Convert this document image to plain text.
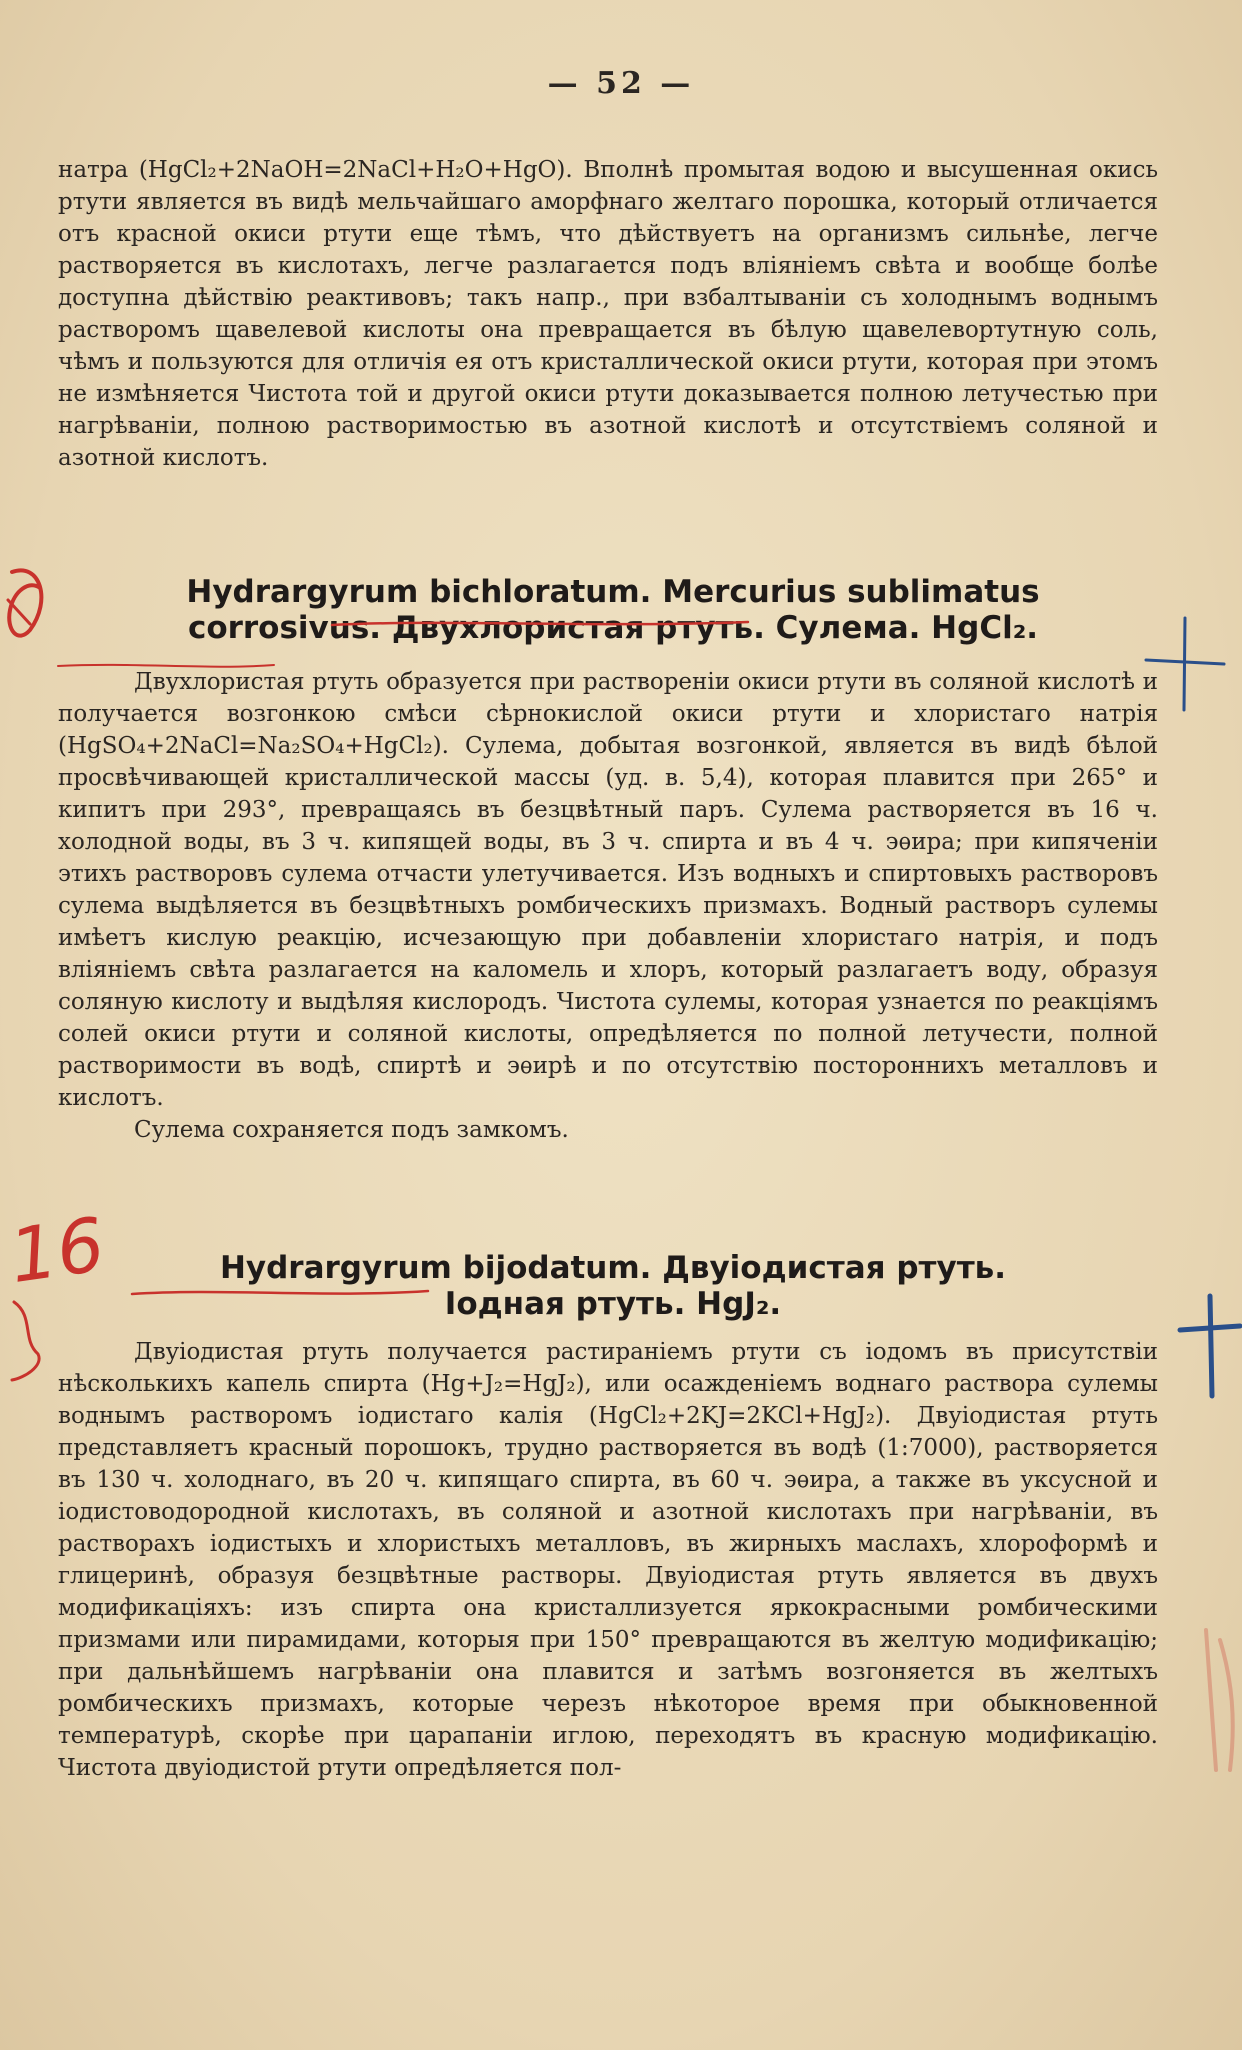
— 52 —

натра (HgCl₂+2NaOH=2NaCl+H₂O+HgO). Вполнѣ промытая водою и высушенная окись ртути является въ видѣ мельчайшаго аморфнаго желтаго порошка, который отличается отъ красной окиси ртути еще тѣмъ, что дѣйствуетъ на организмъ сильнѣе, легче растворяется въ кислотахъ, легче разлагается подъ вліяніемъ свѣта и вообще болѣе доступна дѣйствію реактивовъ; такъ напр., при взбалтываніи съ холоднымъ воднымъ растворомъ щавелевой кислоты она превращается въ бѣлую щавелевортутную соль, чѣмъ и пользуются для отличія ея отъ кристаллической окиси ртути, которая при этомъ не измѣняется Чистота той и другой окиси ртути доказывается полною летучестью при нагрѣваніи, полною растворимостью въ азотной кислотѣ и отсутствіемъ соляной и азотной кислотъ.

Hydrargyrum bichloratum. Mercurius sublimatus
corrosivus. Двухлористая ртуть. Сулема. HgCl₂.

Двухлористая ртуть образуется при растворенiи окиси ртути въ соляной кислотѣ и получается возгонкою смѣси сѣрнокислой окиси ртути и хлористаго натрія (HgSO₄+2NaCl=Na₂SO₄+HgCl₂). Сулема, добытая возгонкой, является въ видѣ бѣлой просвѣчивающей кристаллической массы (уд. в. 5,4), которая плавится при 265° и кипитъ при 293°, превращаясь въ безцвѣтный паръ. Сулема растворяется въ 16 ч. холодной воды, въ 3 ч. кипящей воды, въ 3 ч. спирта и въ 4 ч. эѳира; при кипяченіи этихъ растворовъ сулема отчасти улетучивается. Изъ водныхъ и спиртовыхъ растворовъ сулема выдѣляется въ безцвѣтныхъ ромбическихъ призмахъ. Водный растворъ сулемы имѣетъ кислую реакцію, исчезающую при добавленіи хлористаго натрія, и подъ вліяніемъ свѣта разлагается на каломель и хлоръ, который разлагаетъ воду, образуя соляную кислоту и выдѣляя кислородъ. Чистота сулемы, которая узнается по реакціямъ солей окиси ртути и соляной кислоты, опредѣляется по полной летучести, полной растворимости въ водѣ, спиртѣ и эѳирѣ и по отсутствію постороннихъ металловъ и кислотъ.

Сулема сохраняется подъ замкомъ.

Hydrargyrum bijodatum. Двуіодистая ртуть.
Іодная ртуть. HgJ₂.

Двуіодистая ртуть получается растираніемъ ртути съ іодомъ въ присутствіи нѣсколькихъ капель спирта (Hg+J₂=HgJ₂), или осажденіемъ воднаго раствора сулемы воднымъ растворомъ іодистаго калія (HgCl₂+2KJ=2KCl+HgJ₂). Двуіодистая ртуть представляетъ красный порошокъ, трудно растворяется въ водѣ (1:7000), растворяется въ 130 ч. холоднаго, въ 20 ч. кипящаго спирта, въ 60 ч. эѳира, а также въ уксусной и іодистоводородной кислотахъ, въ соляной и азотной кислотахъ при нагрѣваніи, въ растворахъ іодистыхъ и хлористыхъ металловъ, въ жирныхъ маслахъ, хлороформѣ и глицеринѣ, образуя безцвѣтные растворы. Двуіодистая ртуть является въ двухъ модификаціяхъ: изъ спирта она кристаллизуется яркокрасными ромбическими призмами или пирамидами, которыя при 150° превращаются въ желтую модификацію; при дальнѣйшемъ нагрѣваніи она плавится и затѣмъ возгоняется въ желтыхъ ромбическихъ призмахъ, которые черезъ нѣкоторое время при обыкновенной температурѣ, скорѣе при царапаніи иглою, переходятъ въ красную модификацію. Чистота двуіодистой ртути опредѣляется пол-

16
